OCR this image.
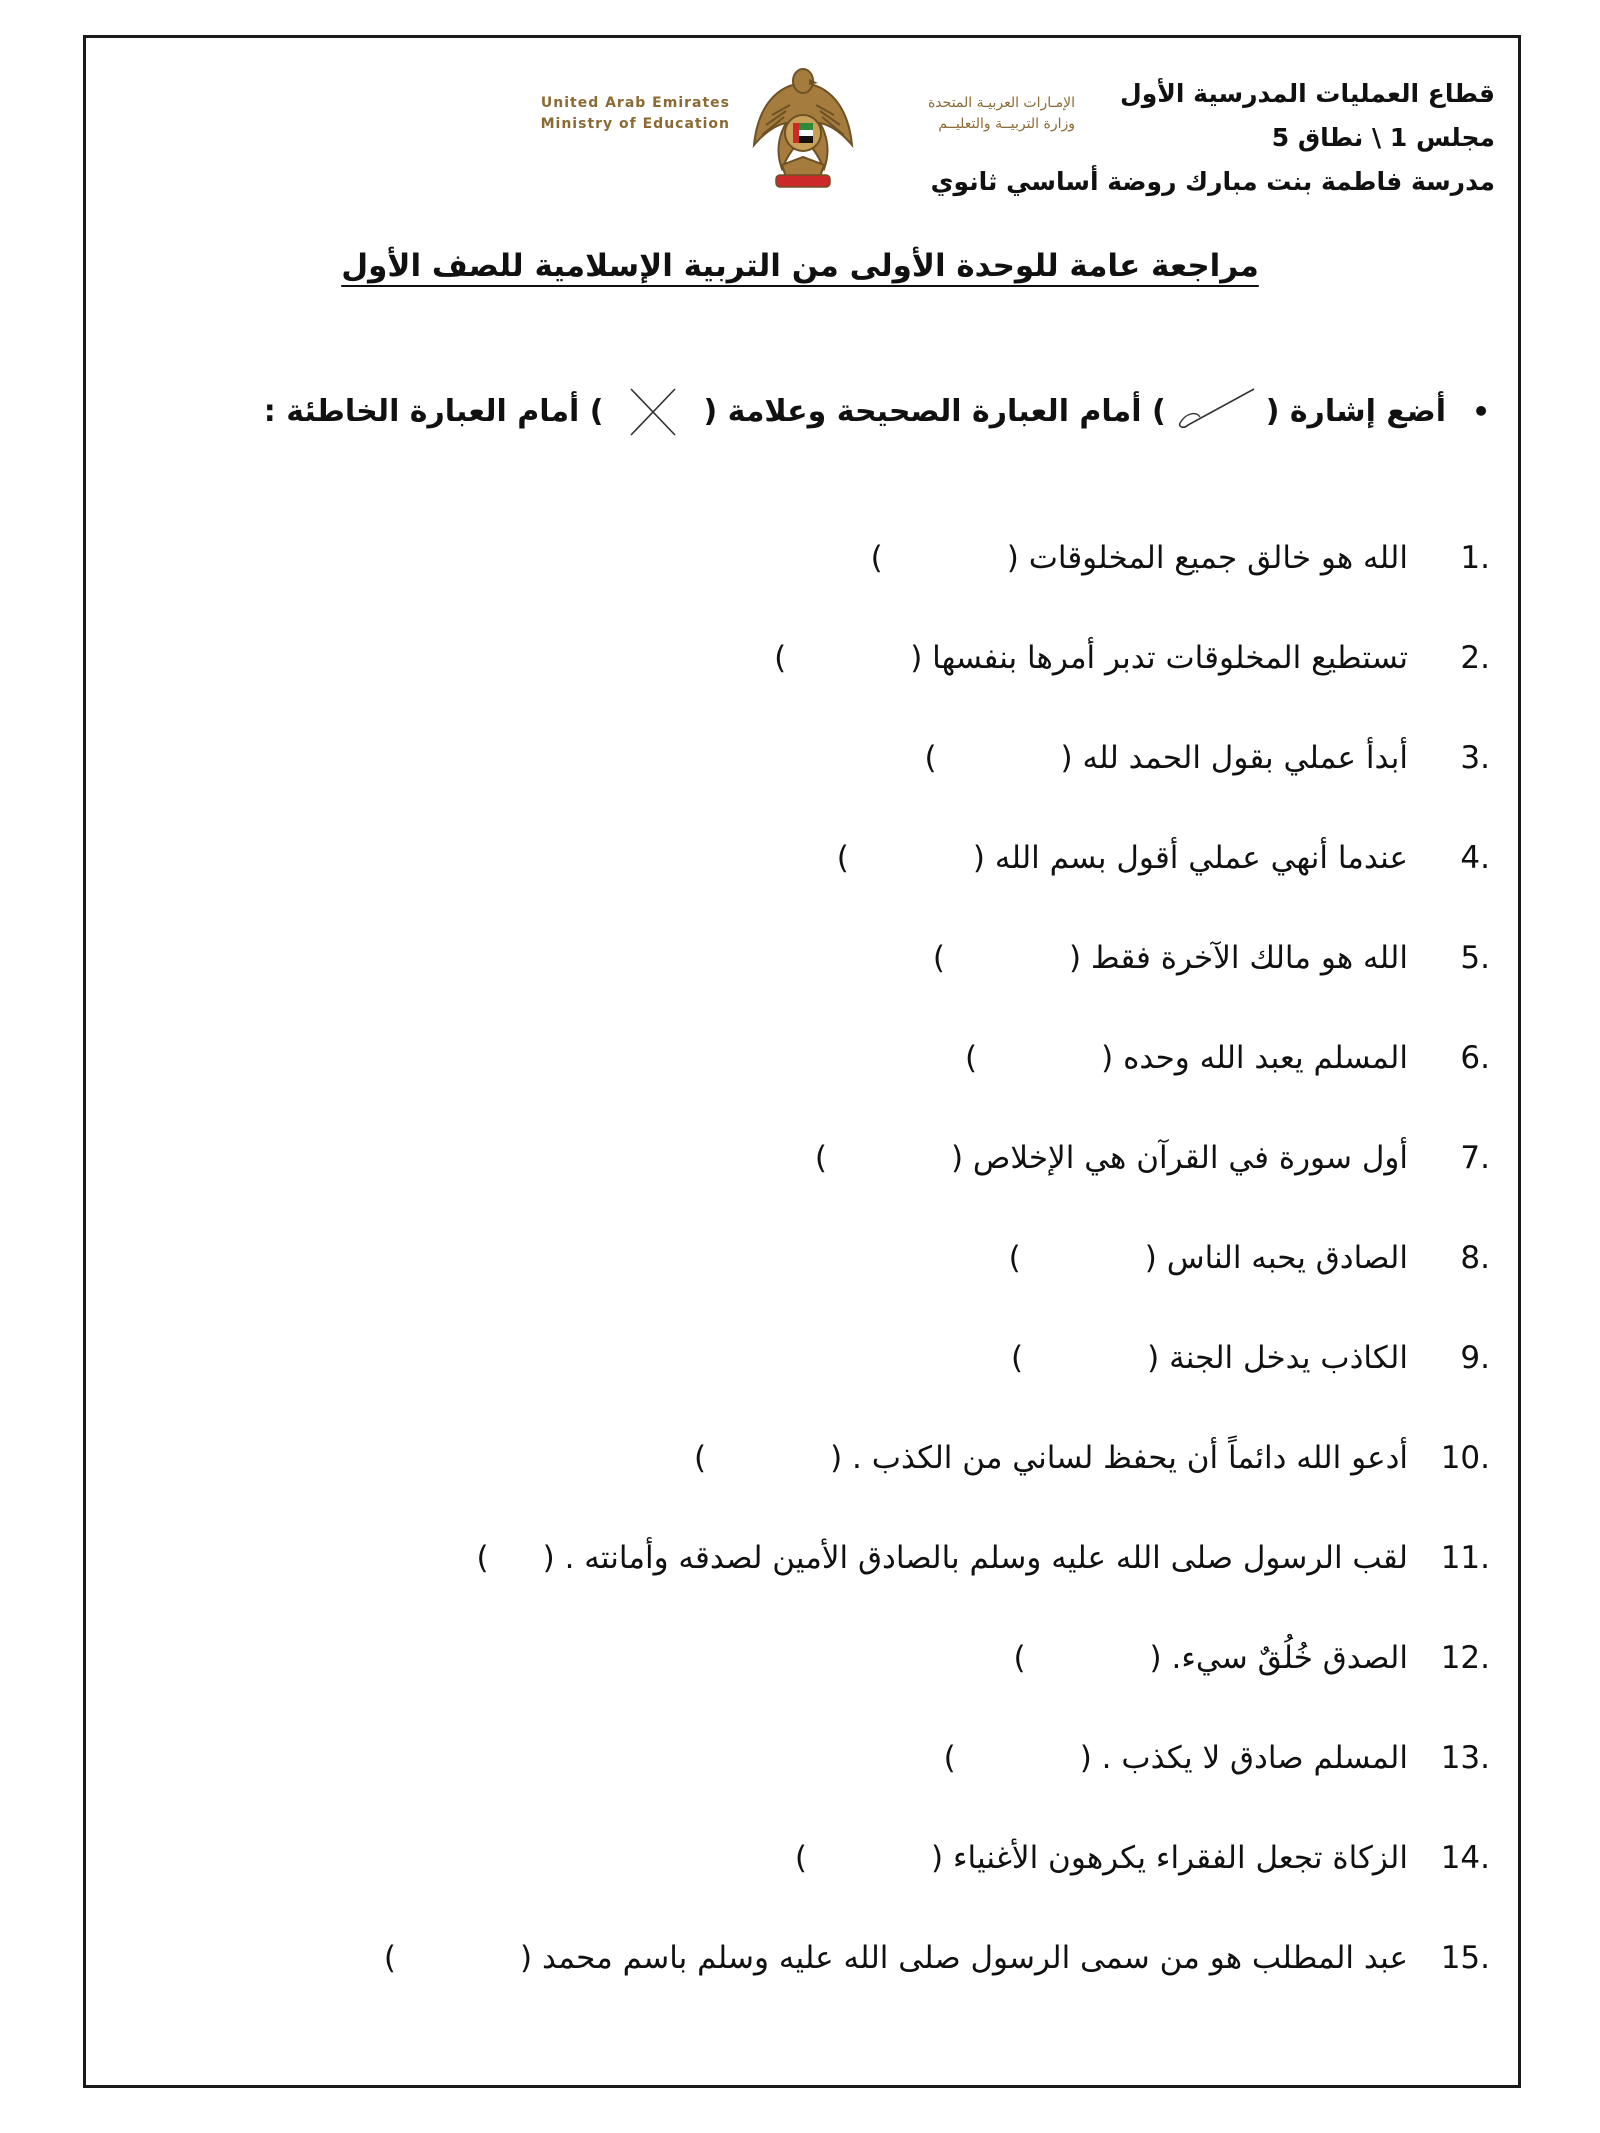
قطاع العمليات المدرسية الأول
مجلس 1 \ نطاق 5
مدرسة فاطمة بنت مبارك روضة أساسي ثانوي
United Arab Emirates
Ministry of Education
الإمـارات العربيـة المتحدة
وزارة التربيــة والتعليــم
مراجعة عامة للوحدة الأولى من التربية الإسلامية للصف الأول
•
أضع إشارة (
) أمام العبارة الصحيحة وعلامة (
) أمام العبارة الخاطئة :
1.
الله هو خالق جميع المخلوقات (
)
2.
تستطيع المخلوقات تدبر أمرها بنفسها (
)
3.
أبدأ عملي بقول الحمد لله (
)
4.
عندما أنهي عملي أقول بسم الله (
)
5.
الله هو مالك الآخرة فقط (
)
6.
المسلم يعبد الله وحده (
)
7.
أول سورة في القرآن هي الإخلاص (
)
8.
الصادق يحبه الناس (
)
9.
الكاذب يدخل الجنة (
)
10.
أدعو الله دائماً أن يحفظ لساني من الكذب . (
)
11.
لقب الرسول صلى الله عليه وسلم بالصادق الأمين لصدقه وأمانته . (
)
12.
الصدق خُلُقٌ سيء. (
)
13.
المسلم صادق لا يكذب . (
)
14.
الزكاة تجعل الفقراء يكرهون الأغنياء (
)
15.
عبد المطلب هو من سمى الرسول صلى الله عليه وسلم باسم محمد (
)
